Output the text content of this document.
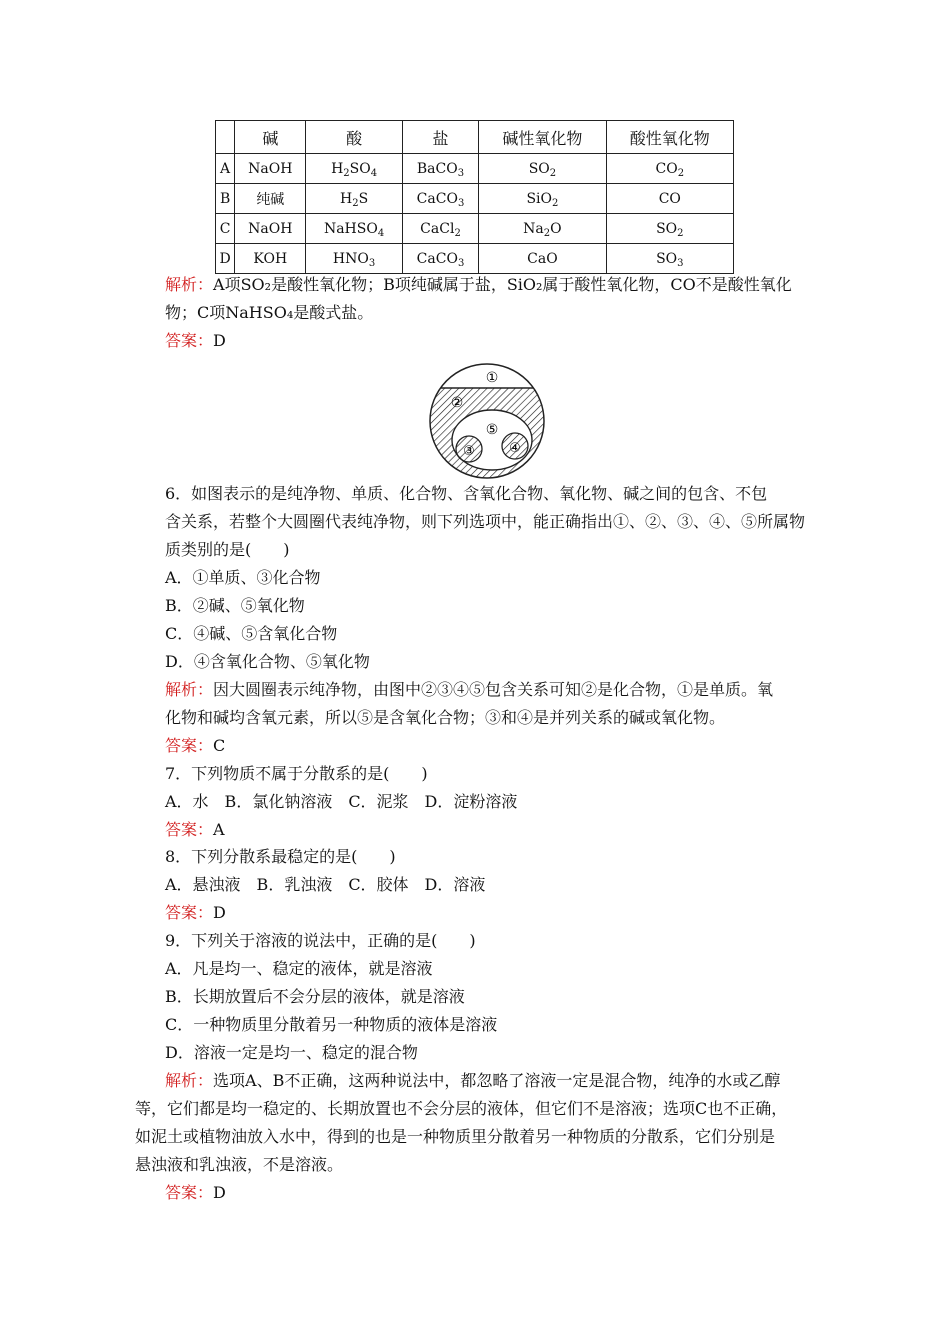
	碱	酸	盐	碱性氧化物	酸性氧化物
A	NaOH	$H_2SO_4$	BaCO$_3$	$SO_2$	$CO_2$
B	纯碱	$H_2S$	CaCO$_3$	SiO$_2$	CO
C	NaOH	NaHSO$_4$	CaCl$_2$	$Na_2O$	$SO_2$
D	KOH	$HNO_3$	CaCO$_3$	CaO	$SO_3$
解析：A项SO₂是酸性氧化物；B项纯碱属于盐，SiO₂属于酸性氧化物，CO不是酸性氧化
物；C项NaHSO₄是酸式盐。
答案：D
①
②
③	④
⑤
6．如图表示的是纯净物、单质、化合物、含氧化合物、氧化物、碱之间的包含、不包
含关系，若整个大圆圈代表纯净物，则下列选项中，能正确指出①、②、③、④、⑤所属物
质类别的是(　　)
A．①单质、③化合物
B．②碱、⑤氧化物
C．④碱、⑤含氧化合物
D．④含氧化合物、⑤氧化物
解析：因大圆圈表示纯净物，由图中②③④⑤包含关系可知②是化合物，①是单质。氧
化物和碱均含氧元素，所以⑤是含氧化合物；③和④是并列关系的碱或氧化物。
答案：C
7．下列物质不属于分散系的是(　　)
A．水　B．氯化钠溶液　C．泥浆　D．淀粉溶液
答案：A
8．下列分散系最稳定的是(　　)
A．悬浊液　B．乳浊液　C．胶体　D．溶液
答案：D
9．下列关于溶液的说法中，正确的是(　　)
A．凡是均一、稳定的液体，就是溶液
B．长期放置后不会分层的液体，就是溶液
C．一种物质里分散着另一种物质的液体是溶液
D．溶液一定是均一、稳定的混合物
解析：选项A、B不正确，这两种说法中，都忽略了溶液一定是混合物，纯净的水或乙醇
等，它们都是均一稳定的、长期放置也不会分层的液体，但它们不是溶液；选项C也不正确，
如泥土或植物油放入水中，得到的也是一种物质里分散着另一种物质的分散系，它们分别是
悬浊液和乳浊液，不是溶液。
答案：D
